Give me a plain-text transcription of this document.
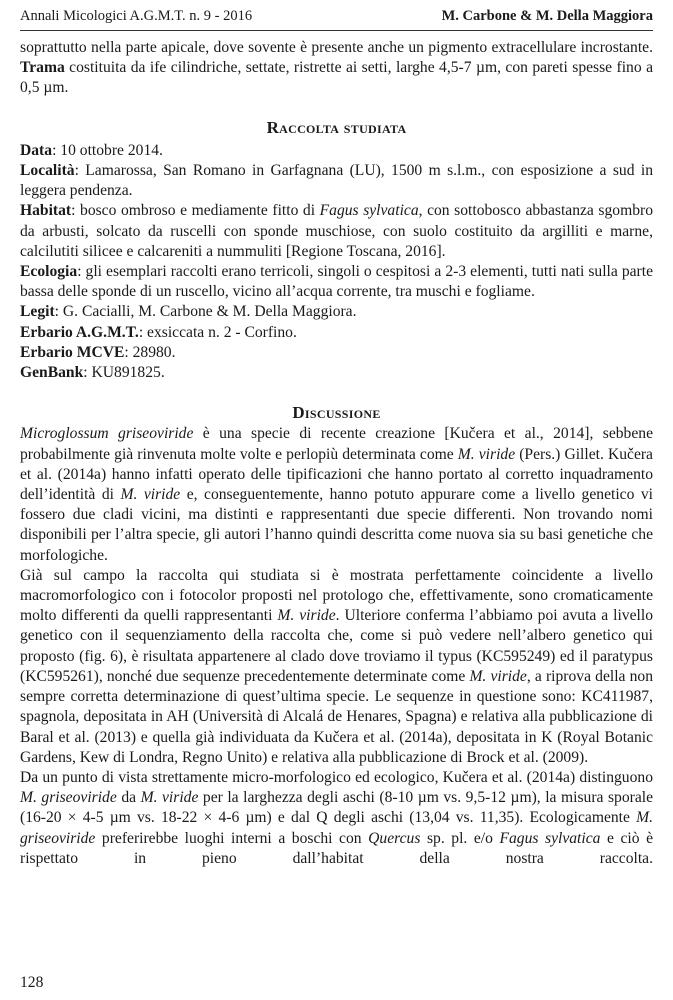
Annali Micologici A.G.M.T. n. 9 - 2016	M. Carbone & M. Della Maggiora

soprattutto nella parte apicale, dove sovente è presente anche un pigmento extracellulare incrostante. Trama costituita da ife cilindriche, settate, ristrette ai setti, larghe 4,5-7 µm, con pareti spesse fino a 0,5 µm.

Raccolta studiata

Data: 10 ottobre 2014.

Località: Lamarossa, San Romano in Garfagnana (LU), 1500 m s.l.m., con esposizione a sud in leggera pendenza.

Habitat: bosco ombroso e mediamente fitto di Fagus sylvatica, con sottobosco abbastanza sgombro da arbusti, solcato da ruscelli con sponde muschiose, con suolo costituito da argilliti e marne, calcilutiti silicee e calcareniti a nummuliti [Regione Toscana, 2016].

Ecologia: gli esemplari raccolti erano terricoli, singoli o cespitosi a 2-3 elementi, tutti nati sulla parte bassa delle sponde di un ruscello, vicino all’acqua corrente, tra muschi e fogliame.

Legit: G. Cacialli, M. Carbone & M. Della Maggiora.

Erbario A.G.M.T.: exsiccata n. 2 - Corfino.

Erbario MCVE: 28980.

GenBank: KU891825.

Discussione

Microglossum griseoviride è una specie di recente creazione [Kučera et al., 2014], sebbene probabilmente già rinvenuta molte volte e perlopiù determinata come M. viride (Pers.) Gillet. Kučera et al. (2014a) hanno infatti operato delle tipificazioni che hanno portato al corretto inquadramento dell’identità di M. viride e, conseguentemente, hanno potuto appurare come a livello genetico vi fossero due cladi vicini, ma distinti e rappresentanti due specie differenti. Non trovando nomi disponibili per l’altra specie, gli autori l’hanno quindi descritta come nuova sia su basi genetiche che morfologiche.

Già sul campo la raccolta qui studiata si è mostrata perfettamente coincidente a livello macromorfologico con i fotocolor proposti nel protologo che, effettivamente, sono cromaticamente molto differenti da quelli rappresentanti M. viride. Ulteriore conferma l’abbiamo poi avuta a livello genetico con il sequenziamento della raccolta che, come si può vedere nell’albero genetico qui proposto (fig. 6), è risultata appartenere al clado dove troviamo il typus (KC595249) ed il paratypus (KC595261), nonché due sequenze precedentemente determinate come M. viride, a riprova della non sempre corretta determinazione di quest’ultima specie. Le sequenze in questione sono: KC411987, spagnola, depositata in AH (Università di Alcalá de Henares, Spagna) e relativa alla pubblicazione di Baral et al. (2013) e quella già individuata da Kučera et al. (2014a), depositata in K (Royal Botanic Gardens, Kew di Londra, Regno Unito) e relativa alla pubblicazione di Brock et al. (2009).

Da un punto di vista strettamente micro-morfologico ed ecologico, Kučera et al. (2014a) distinguono M. griseoviride da M. viride per la larghezza degli aschi (8-10 µm vs. 9,5-12 µm), la misura sporale (16-20 × 4-5 µm vs. 18-22 × 4-6 µm) e dal Q degli aschi (13,04 vs. 11,35). Ecologicamente M. griseoviride preferirebbe luoghi interni a boschi con Quercus sp. pl. e/o Fagus sylvatica e ciò è rispettato in pieno dall’habitat della nostra raccolta.

128
